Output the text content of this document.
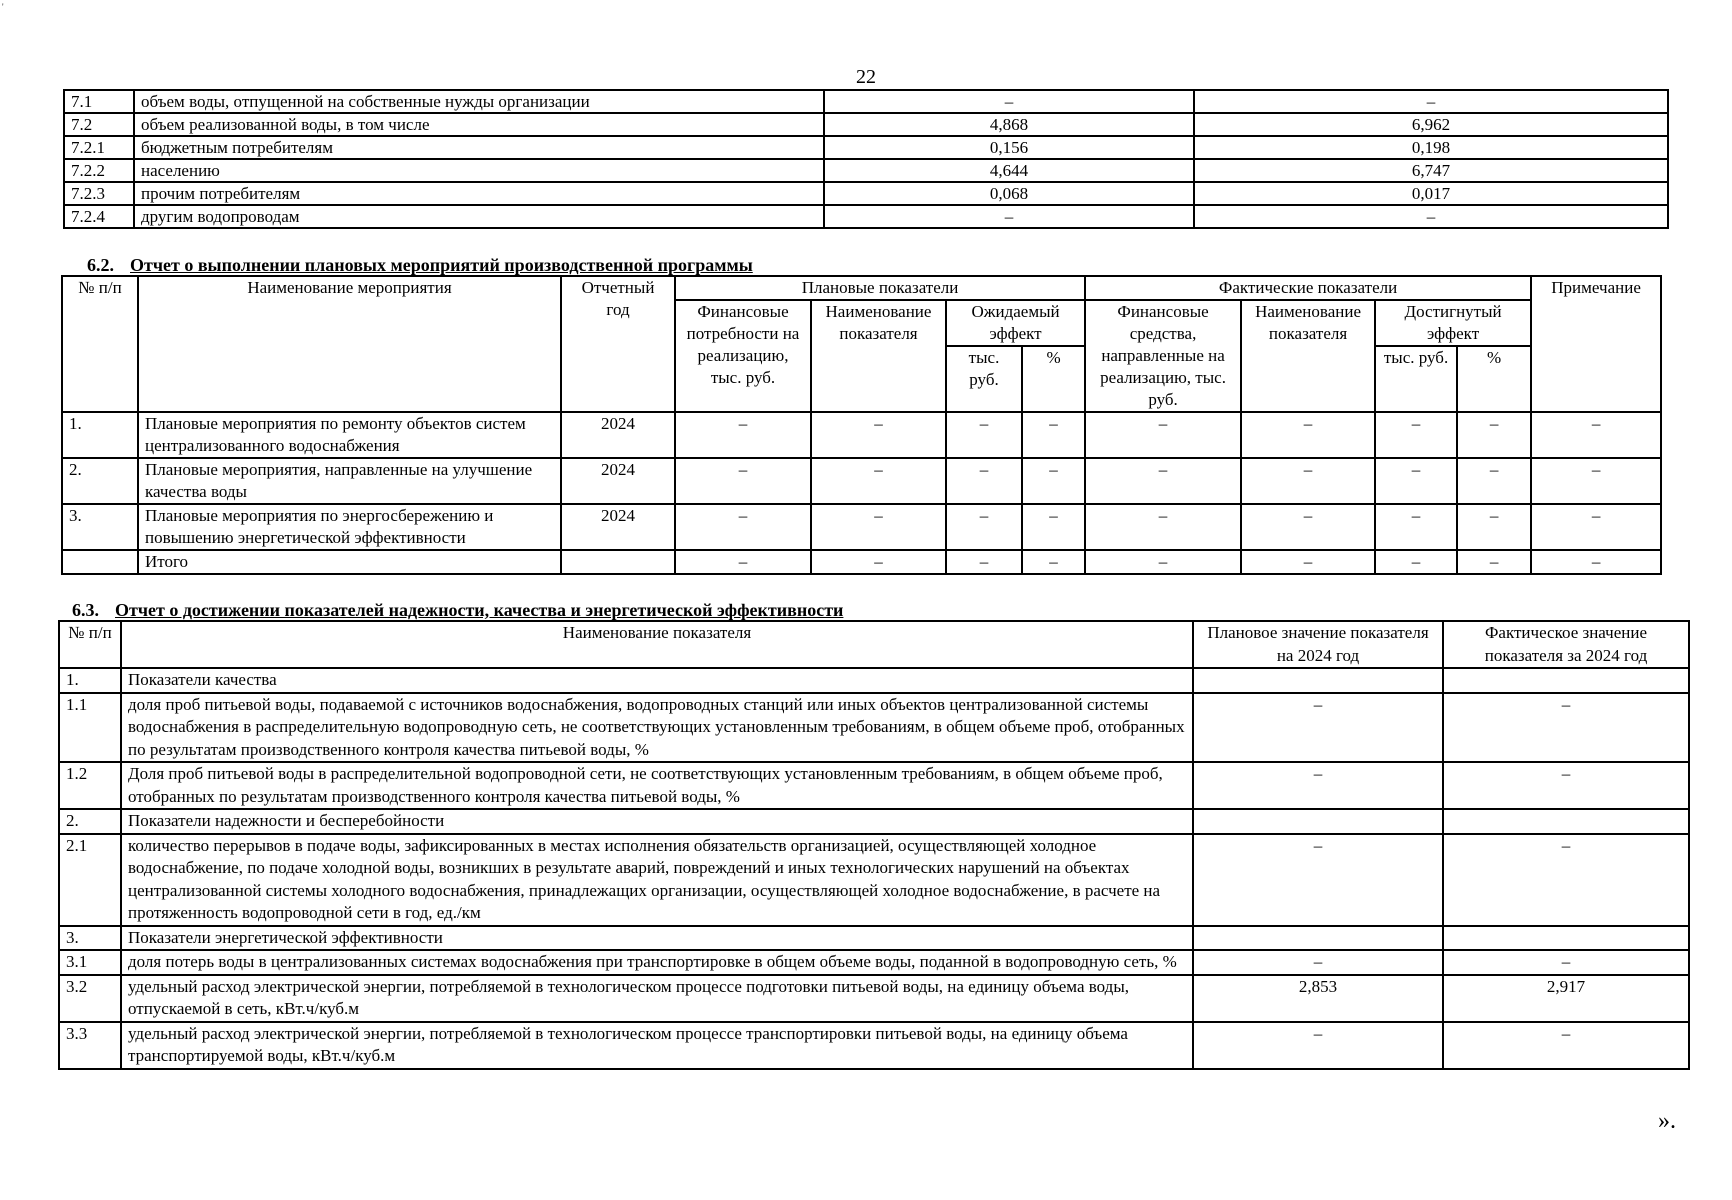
'
22
7.1	объем воды, отпущенной на собственные нужды организации	–	–
7.2	объем реализованной воды, в том числе	4,868	6,962
7.2.1	бюджетным потребителям	0,156	0,198
7.2.2	населению	4,644	6,747
7.2.3	прочим потребителям	0,068	0,017
7.2.4	другим водопроводам	–	–
6.2. Отчет о выполнении плановых мероприятий производственной программы
№ п/п	Наименование мероприятия	Отчетный год	Плановые показатели				Фактические показатели				Примечание
			Финансовые потребности на реализацию, тыс. руб.	Наименование показателя	Ожидаемый эффект		Финансовые средства, направленные на реализацию, тыс. руб.	Наименование показателя	Достигнутый эффект		
					тыс. руб.	%			тыс. руб.	%	
1.	Плановые мероприятия по ремонту объектов систем централизованного водоснабжения	2024	–	–	–	–	–	–	–	–	–
2.	Плановые мероприятия, направленные на улучшение качества воды	2024	–	–	–	–	–	–	–	–	–
3.	Плановые мероприятия по энергосбережению и повышению энергетической эффективности	2024	–	–	–	–	–	–	–	–	–
	Итого		–	–	–	–	–	–	–	–	–
6.3. Отчет о достижении показателей надежности, качества и энергетической эффективности
№ п/п	Наименование показателя	Плановое значение показателя на 2024 год	Фактическое значение показателя за 2024 год
1.	Показатели качества		
1.1	доля проб питьевой воды, подаваемой с источников водоснабжения, водопроводных станций или иных объектов централизованной системы водоснабжения в распределительную водопроводную сеть, не соответствующих установленным требованиям, в общем объеме проб, отобранных по результатам производственного контроля качества питьевой воды, %	–	–
1.2	Доля проб питьевой воды в распределительной водопроводной сети, не соответствующих установленным требованиям, в общем объеме проб, отобранных по результатам производственного контроля качества питьевой воды, %	–	–
2.	Показатели надежности и бесперебойности		
2.1	количество перерывов в подаче воды, зафиксированных в местах исполнения обязательств организацией, осуществляющей холодное водоснабжение, по подаче холодной воды, возникших в результате аварий, повреждений и иных технологических нарушений на объектах централизованной системы холодного водоснабжения, принадлежащих организации, осуществляющей холодное водоснабжение, в расчете на протяженность водопроводной сети в год, ед./км	–	–
3.	Показатели энергетической эффективности		
3.1	доля потерь воды в централизованных системах водоснабжения при транспортировке в общем объеме воды, поданной в водопроводную сеть, %	–	–
3.2	удельный расход электрической энергии, потребляемой в технологическом процессе подготовки питьевой воды, на единицу объема воды, отпускаемой в сеть, кВт.ч/куб.м	2,853	2,917
3.3	удельный расход электрической энергии, потребляемой в технологическом процессе транспортировки питьевой воды, на единицу объема транспортируемой воды, кВт.ч/куб.м	–	–
».
